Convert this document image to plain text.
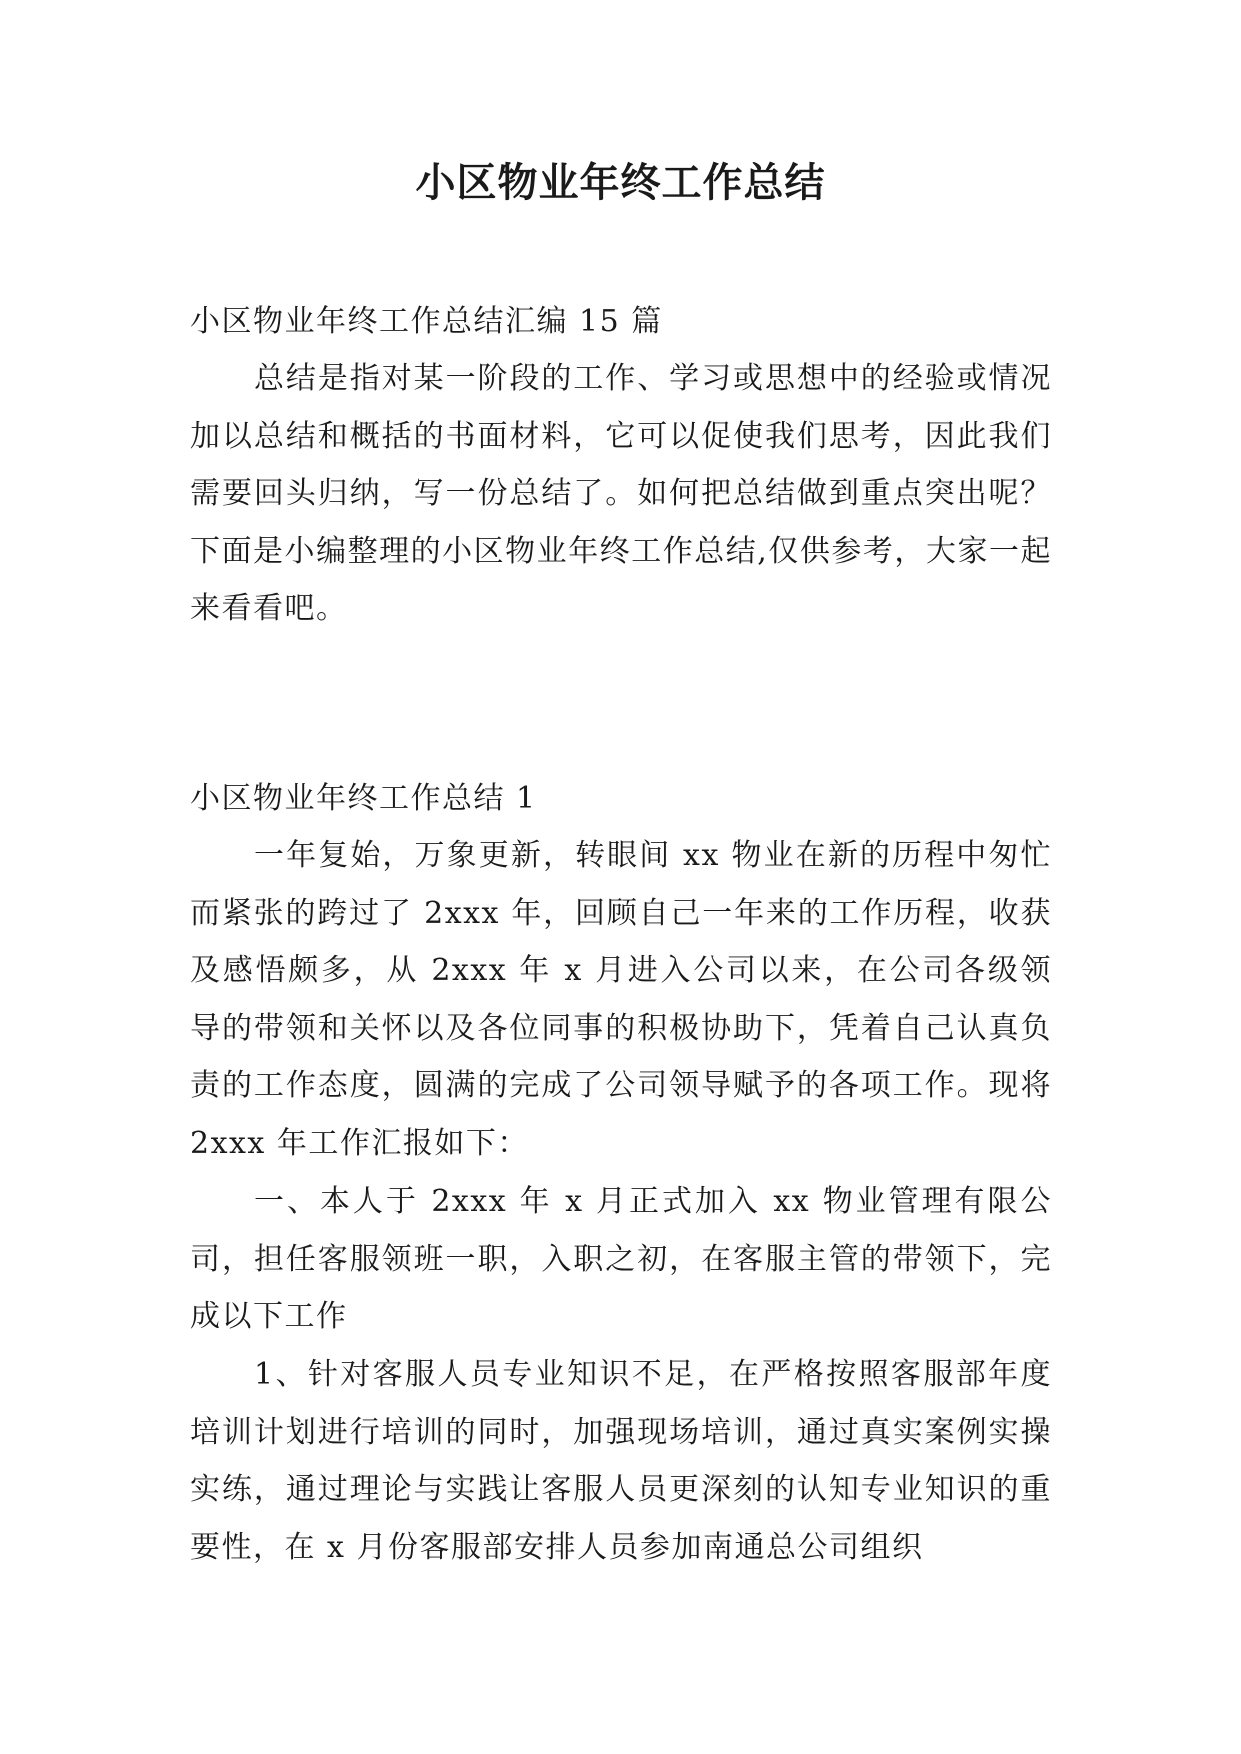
小区物业年终工作总结

小区物业年终工作总结汇编 15 篇

总结是指对某一阶段的工作、学习或思想中的经验或情况加以总结和概括的书面材料，它可以促使我们思考，因此我们需要回头归纳，写一份总结了。如何把总结做到重点突出呢？下面是小编整理的小区物业年终工作总结,仅供参考，大家一起来看看吧。

小区物业年终工作总结 1

一年复始，万象更新，转眼间 xx 物业在新的历程中匆忙而紧张的跨过了 2xxx 年，回顾自己一年来的工作历程，收获及感悟颇多，从 2xxx 年 x 月进入公司以来，在公司各级领导的带领和关怀以及各位同事的积极协助下，凭着自己认真负责的工作态度，圆满的完成了公司领导赋予的各项工作。现将 2xxx 年工作汇报如下：

一、本人于 2xxx 年 x 月正式加入 xx 物业管理有限公司，担任客服领班一职，入职之初，在客服主管的带领下，完成以下工作

1、针对客服人员专业知识不足，在严格按照客服部年度培训计划进行培训的同时，加强现场培训，通过真实案例实操实练，通过理论与实践让客服人员更深刻的认知专业知识的重要性，在 x 月份客服部安排人员参加南通总公司组织
